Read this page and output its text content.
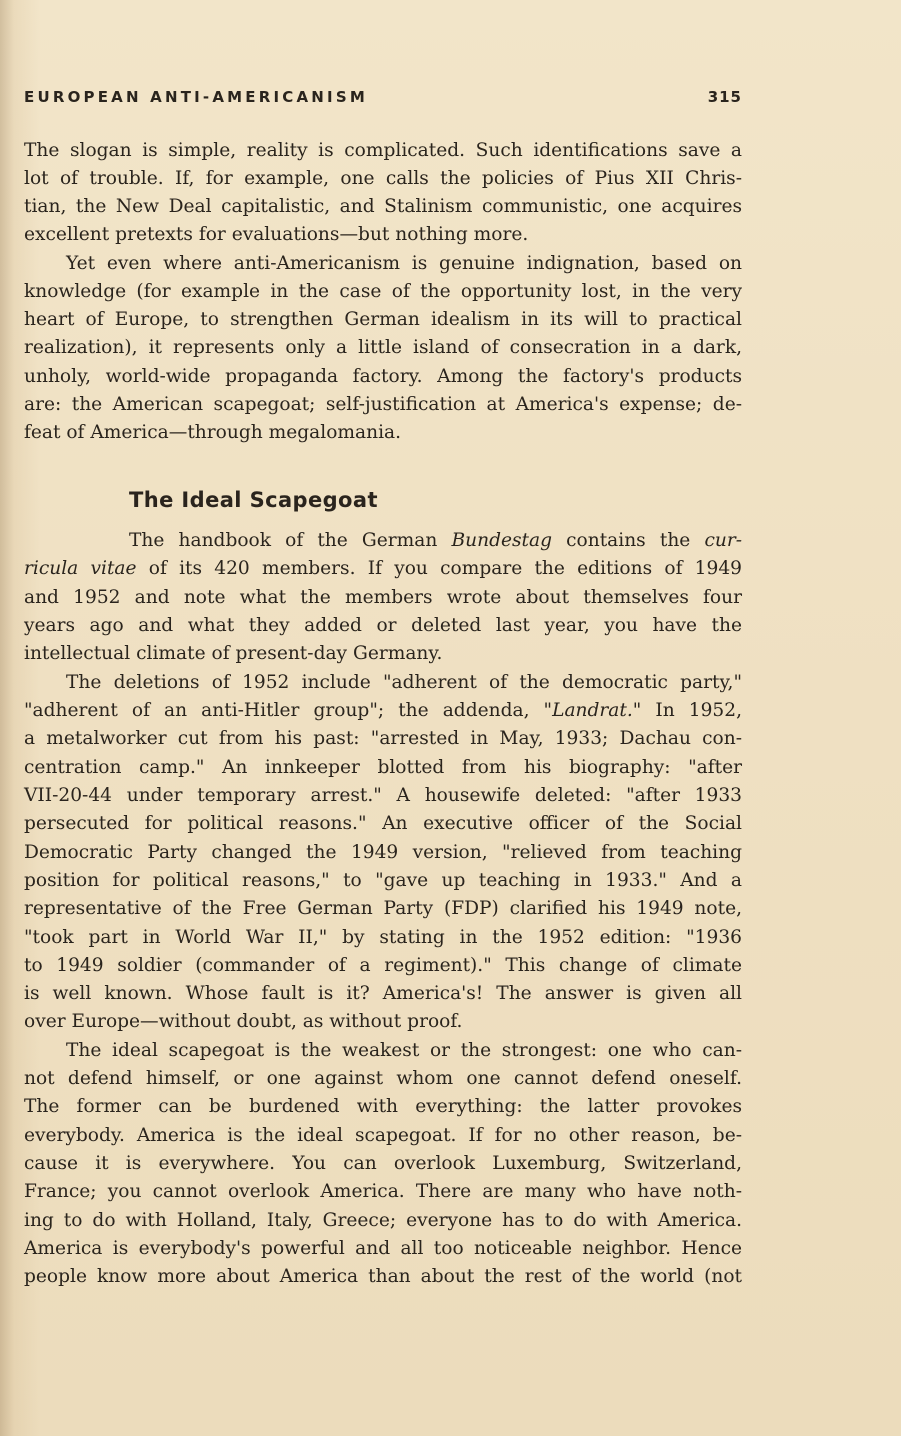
EUROPEAN ANTI-AMERICANISM	315
The Ideal Scapegoat
The slogan is simple, reality is complicated. Such identifications save a
lot of trouble. If, for example, one calls the policies of Pius XII Chris-
tian, the New Deal capitalistic, and Stalinism communistic, one acquires
excellent pretexts for evaluations—but nothing more.
Yet even where anti-Americanism is genuine indignation, based on
knowledge (for example in the case of the opportunity lost, in the very
heart of Europe, to strengthen German idealism in its will to practical
realization), it represents only a little island of consecration in a dark,
unholy, world-wide propaganda factory. Among the factory's products
are: the American scapegoat; self-justification at America's expense; de-
feat of America—through megalomania.
The handbook of the German Bundestag contains the cur-
ricula vitae of its 420 members. If you compare the editions of 1949
and 1952 and note what the members wrote about themselves four
years ago and what they added or deleted last year, you have the
intellectual climate of present-day Germany.
The deletions of 1952 include "adherent of the democratic party,"
"adherent of an anti-Hitler group"; the addenda, "Landrat." In 1952,
a metalworker cut from his past: "arrested in May, 1933; Dachau con-
centration camp." An innkeeper blotted from his biography: "after
VII-20-44 under temporary arrest." A housewife deleted: "after 1933
persecuted for political reasons." An executive officer of the Social
Democratic Party changed the 1949 version, "relieved from teaching
position for political reasons," to "gave up teaching in 1933." And a
representative of the Free German Party (FDP) clarified his 1949 note,
"took part in World War II," by stating in the 1952 edition: "1936
to 1949 soldier (commander of a regiment)." This change of climate
is well known. Whose fault is it? America's! The answer is given all
over Europe—without doubt, as without proof.
The ideal scapegoat is the weakest or the strongest: one who can-
not defend himself, or one against whom one cannot defend oneself.
The former can be burdened with everything: the latter provokes
everybody. America is the ideal scapegoat. If for no other reason, be-
cause it is everywhere. You can overlook Luxemburg, Switzerland,
France; you cannot overlook America. There are many who have noth-
ing to do with Holland, Italy, Greece; everyone has to do with America.
America is everybody's powerful and all too noticeable neighbor. Hence
people know more about America than about the rest of the world (not
